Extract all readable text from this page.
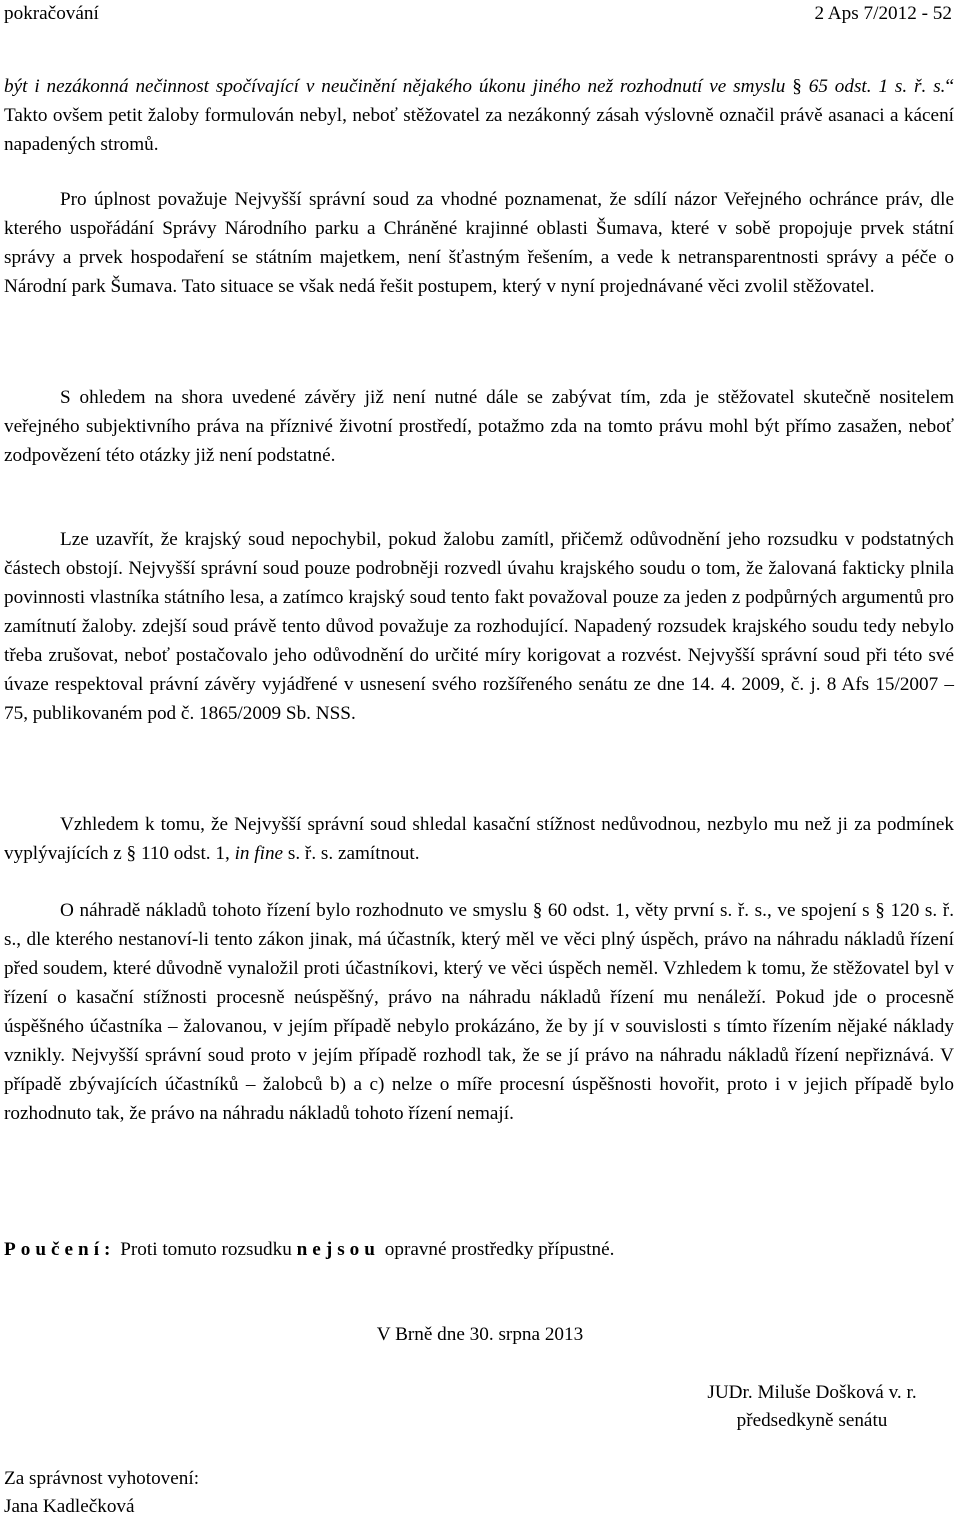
pokračování	2 Aps 7/2012 - 52

být i nezákonná nečinnost spočívající v neučinění nějakého úkonu jiného než rozhodnutí ve smyslu § 65 odst. 1 s. ř. s.“ Takto ovšem petit žaloby formulován nebyl, neboť stěžovatel za nezákonný zásah výslovně označil právě asanaci a kácení napadených stromů.

Pro úplnost považuje Nejvyšší správní soud za vhodné poznamenat, že sdílí názor Veřejného ochránce práv, dle kterého uspořádání Správy Národního parku a Chráněné krajinné oblasti Šumava, které v sobě propojuje prvek státní správy a prvek hospodaření se státním majetkem, není šťastným řešením, a vede k netransparentnosti správy a péče o Národní park Šumava. Tato situace se však nedá řešit postupem, který v nyní projednávané věci zvolil stěžovatel.

S ohledem na shora uvedené závěry již není nutné dále se zabývat tím, zda je stěžovatel skutečně nositelem veřejného subjektivního práva na příznivé životní prostředí, potažmo zda na tomto právu mohl být přímo zasažen, neboť zodpovězení této otázky již není podstatné.

Lze uzavřít, že krajský soud nepochybil, pokud žalobu zamítl, přičemž odůvodnění jeho rozsudku v podstatných částech obstojí. Nejvyšší správní soud pouze podrobněji rozvedl úvahu krajského soudu o tom, že žalovaná fakticky plnila povinnosti vlastníka státního lesa, a zatímco krajský soud tento fakt považoval pouze za jeden z podpůrných argumentů pro zamítnutí žaloby. zdejší soud právě tento důvod považuje za rozhodující. Napadený rozsudek krajského soudu tedy nebylo třeba zrušovat, neboť postačovalo jeho odůvodnění do určité míry korigovat a rozvést. Nejvyšší správní soud při této své úvaze respektoval právní závěry vyjádřené v usnesení svého rozšířeného senátu ze dne 14. 4. 2009, č. j. 8 Afs 15/2007 – 75, publikovaném pod č. 1865/2009 Sb. NSS.

Vzhledem k tomu, že Nejvyšší správní soud shledal kasační stížnost nedůvodnou, nezbylo mu než ji za podmínek vyplývajících z § 110 odst. 1, in fine s. ř. s. zamítnout.

O náhradě nákladů tohoto řízení bylo rozhodnuto ve smyslu § 60 odst. 1, věty první s. ř. s., ve spojení s § 120 s. ř. s., dle kterého nestanoví-li tento zákon jinak, má účastník, který měl ve věci plný úspěch, právo na náhradu nákladů řízení před soudem, které důvodně vynaložil proti účastníkovi, který ve věci úspěch neměl. Vzhledem k tomu, že stěžovatel byl v řízení o kasační stížnosti procesně neúspěšný, právo na náhradu nákladů řízení mu nenáleží. Pokud jde o procesně úspěšného účastníka – žalovanou, v jejím případě nebylo prokázáno, že by jí v souvislosti s tímto řízením nějaké náklady vznikly. Nejvyšší správní soud proto v jejím případě rozhodl tak, že se jí právo na náhradu nákladů řízení nepřiznává. V případě zbývajících účastníků – žalobců b) a c) nelze o míře procesní úspěšnosti hovořit, proto i v jejich případě bylo rozhodnuto tak, že právo na náhradu nákladů tohoto řízení nemají.

Poučení: Proti tomuto rozsudku nejsou opravné prostředky přípustné.

V Brně dne 30. srpna 2013

JUDr. Miluše Došková v. r.

předsedkyně senátu

Za správnost vyhotovení:

Jana Kadlečková
